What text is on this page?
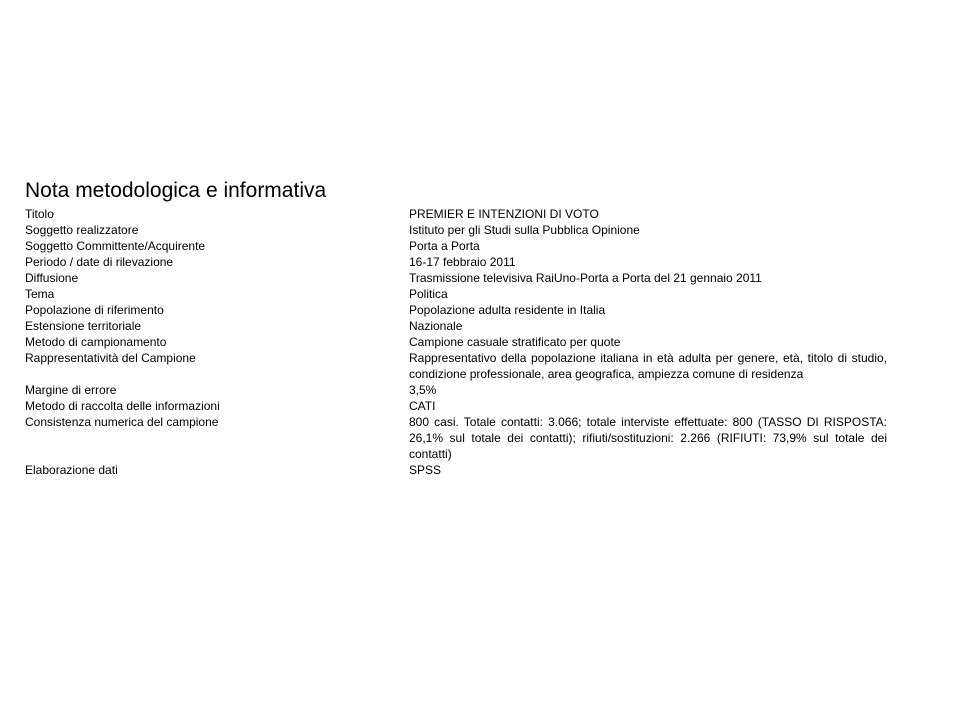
Nota metodologica e informativa
Titolo	PREMIER E INTENZIONI DI VOTO
Soggetto realizzatore	Istituto per gli Studi sulla Pubblica Opinione
Soggetto Committente/Acquirente	Porta a Porta
Periodo / date di rilevazione	16-17 febbraio 2011
Diffusione	Trasmissione televisiva RaiUno-Porta a Porta del 21 gennaio 2011
Tema	Politica
Popolazione di riferimento	Popolazione adulta residente in Italia
Estensione territoriale	Nazionale
Metodo di campionamento	Campione casuale stratificato per quote
Rappresentatività del Campione	Rappresentativo della popolazione italiana in età adulta per genere, età, titolo di studio, condizione professionale, area geografica, ampiezza comune di residenza
Margine di errore	3,5%
Metodo di raccolta delle informazioni	CATI
Consistenza numerica del campione	800 casi. Totale contatti: 3.066; totale interviste effettuate: 800 (TASSO DI RISPOSTA: 26,1% sul totale dei contatti); rifiuti/sostituzioni: 2.266 (RIFIUTI: 73,9% sul totale dei contatti)
Elaborazione dati	SPSS
